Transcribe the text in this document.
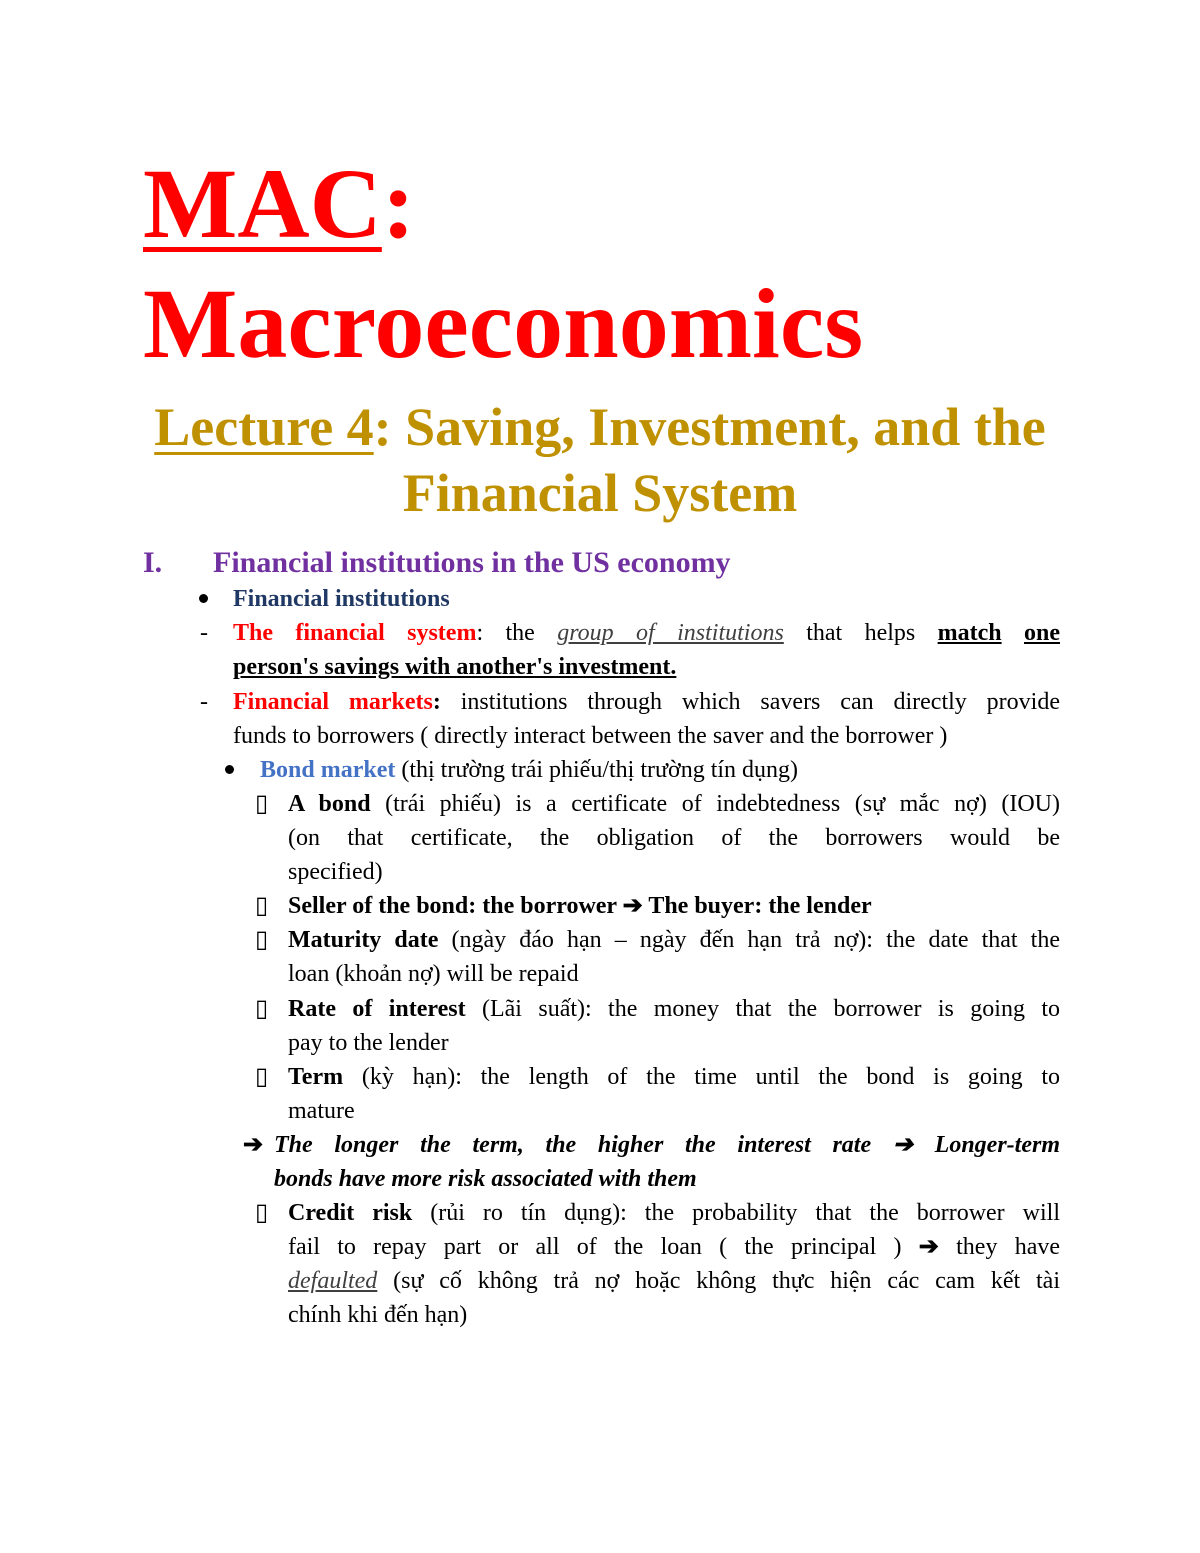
MAC:
Macroeconomics
Lecture 4: Saving, Investment, and the
Financial System
I. Financial institutions in the US economy
Financial institutions
- The financial system: the group of institutions that helps match one
person's savings with another's investment.
- Financial markets: institutions through which savers can directly provide
funds to borrowers ( directly interact between the saver and the borrower )
Bond market (thị trường trái phiếu/thị trường tín dụng)
▯ A bond (trái phiếu) is a certificate of indebtedness (sự mắc nợ) (IOU)
(on that certificate, the obligation of the borrowers would be
specified)
▯ Seller of the bond: the borrower ➔ The buyer: the lender
▯ Maturity date (ngày đáo hạn – ngày đến hạn trả nợ): the date that the
loan (khoản nợ) will be repaid
▯ Rate of interest (Lãi suất): the money that the borrower is going to
pay to the lender
▯ Term (kỳ hạn): the length of the time until the bond is going to
mature
➔ The longer the term, the higher the interest rate ➔ Longer-term
bonds have more risk associated with them
▯ Credit risk (rủi ro tín dụng): the probability that the borrower will
fail to repay part or all of the loan ( the principal ) ➔ they have
defaulted (sự cố không trả nợ hoặc không thực hiện các cam kết tài
chính khi đến hạn)
